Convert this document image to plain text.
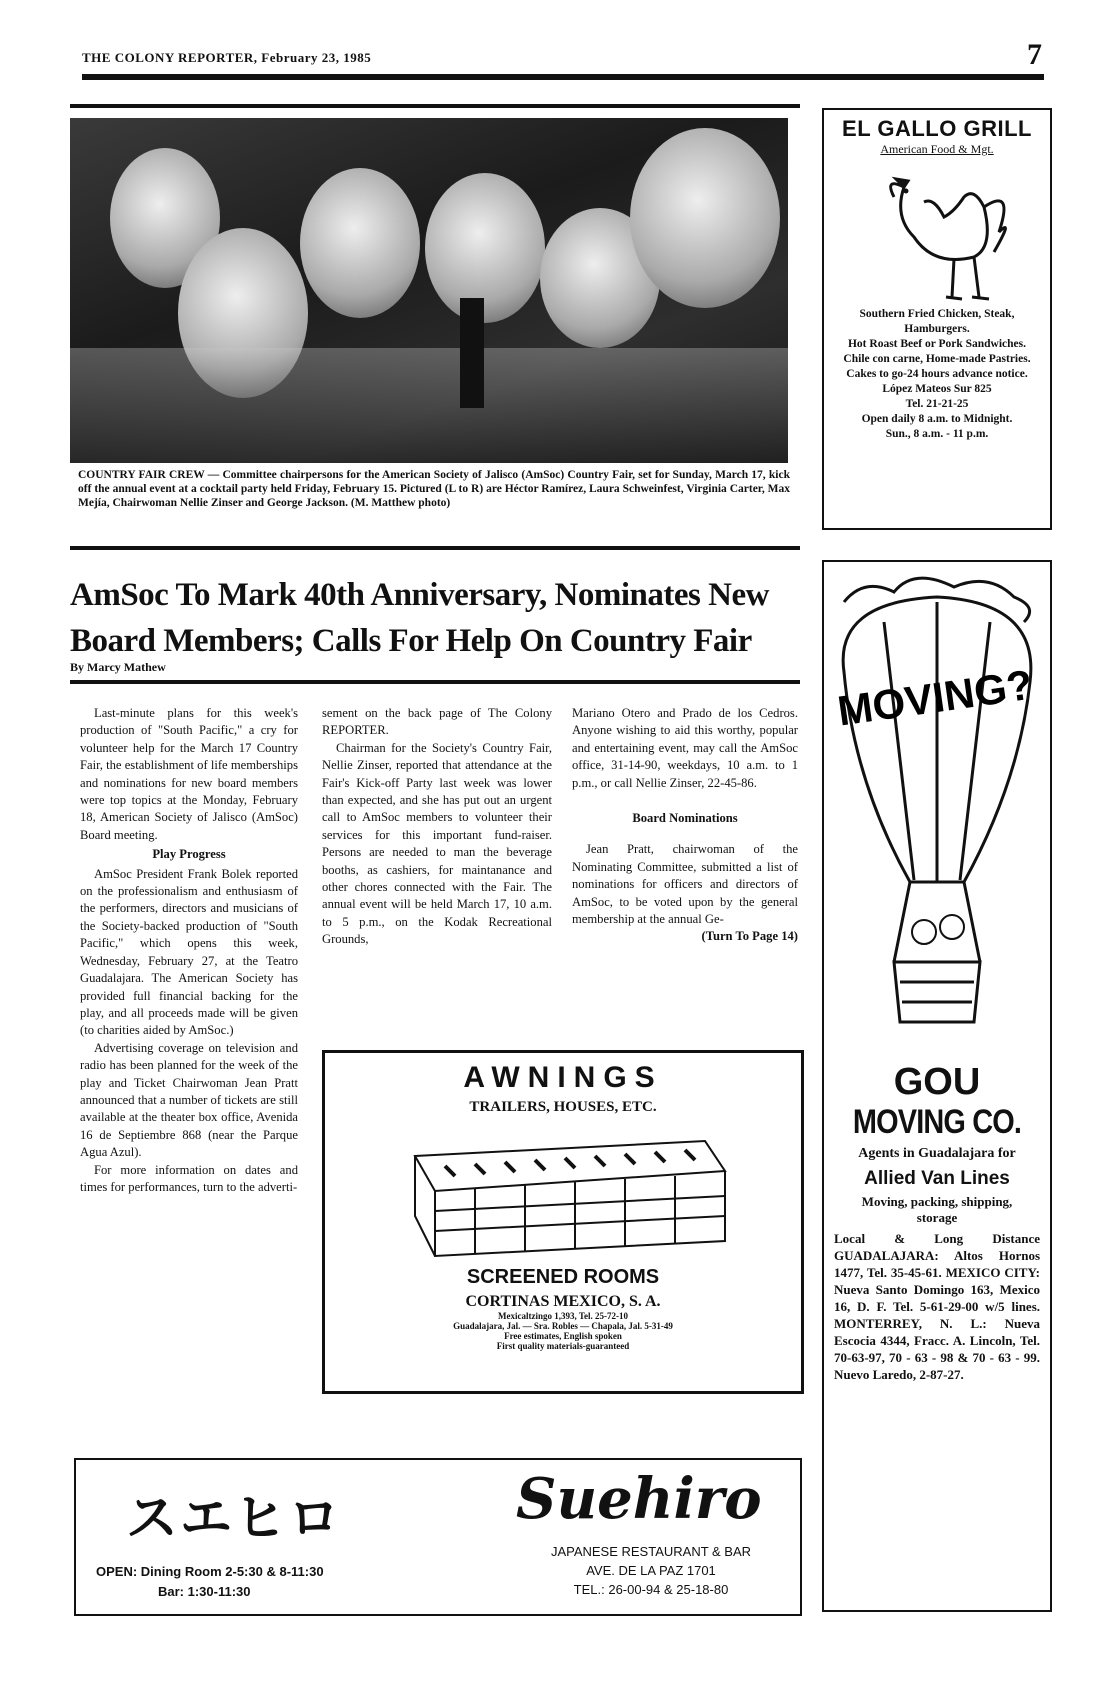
THE COLONY REPORTER, February 23, 1985	7
COUNTRY FAIR CREW — Committee chairpersons for the American Society of Jalisco (AmSoc) Country Fair, set for Sunday, March 17, kick off the annual event at a cocktail party held Friday, February 15. Pictured (L to R) are Héctor Ramírez, Laura Schweinfest, Virginia Carter, Max Mejía, Chairwoman Nellie Zinser and George Jackson. (M. Matthew photo)
AmSoc To Mark 40th Anniversary, Nominates New
Board Members; Calls For Help On Country Fair
By Marcy Mathew

Last-minute plans for this week's production of "South Pacific," a cry for volunteer help for the March 17 Country Fair, the establishment of life memberships and nominations for new board members were top topics at the Monday, February 18, American Society of Jalisco (AmSoc) Board meeting.

Play Progress

AmSoc President Frank Bolek reported on the professionalism and enthusiasm of the performers, directors and musicians of the Society-backed production of "South Pacific," which opens this week, Wednesday, February 27, at the Teatro Guadalajara. The American Society has provided full financial backing for the play, and all proceeds made will be given (to charities aided by AmSoc.)

Advertising coverage on television and radio has been planned for the week of the play and Ticket Chairwoman Jean Pratt announced that a number of tickets are still available at the theater box office, Avenida 16 de Septiembre 868 (near the Parque Agua Azul).

For more information on dates and times for performances, turn to the adverti-

sement on the back page of The Colony REPORTER.

Chairman for the Society's Country Fair, Nellie Zinser, reported that attendance at the Fair's Kick-off Party last week was lower than expected, and she has put out an urgent call to AmSoc members to volunteer their services for this important fund-raiser. Persons are needed to man the beverage booths, as cashiers, for maintanance and other chores connected with the Fair. The annual event will be held March 17, 10 a.m. to 5 p.m., on the Kodak Recreational Grounds,

Mariano Otero and Prado de los Cedros. Anyone wishing to aid this worthy, popular and entertaining event, may call the AmSoc office, 31-14-90, weekdays, 10 a.m. to 1 p.m., or call Nellie Zinser, 22-45-86.

Board Nominations

Jean Pratt, chairwoman of the Nominating Committee, submitted a list of nominations for officers and directors of AmSoc, to be voted upon by the general membership at the annual Ge-

(Turn To Page 14)

EL GALLO GRILL
American Food & Mgt.
Southern Fried Chicken, Steak, Hamburgers.
Hot Roast Beef or Pork Sandwiches.
Chile con carne, Home-made Pastries.
Cakes to go-24 hours advance notice.
López Mateos Sur 825
Tel. 21-21-25
Open daily 8 a.m. to Midnight.
Sun., 8 a.m. - 11 p.m.
MOVING?
GOU
MOVING CO.
Agents in Guadalajara for
Allied Van Lines
Moving, packing, shipping, storage
Local & Long Distance GUADALAJARA: Altos Hornos 1477, Tel. 35-45-61. MEXICO CITY: Nueva Santo Domingo 163, Mexico 16, D. F. Tel. 5-61-29-00 w/5 lines. MONTERREY, N. L.: Nueva Escocia 4344, Fracc. A. Lincoln, Tel. 70-63-97, 70 - 63 - 98 & 70 - 63 - 99. Nuevo Laredo, 2-87-27.
AWNINGS
TRAILERS, HOUSES, ETC.
SCREENED ROOMS
CORTINAS MEXICO, S. A.
Mexicaltzingo 1,393, Tel. 25-72-10
Guadalajara, Jal. — Sra. Robles — Chapala, Jal. 5-31-49
Free estimates, English spoken
First quality materials-guaranteed
スエヒロ
OPEN: Dining Room 2-5:30 & 8-11:30
Bar: 1:30-11:30
Suehiro
JAPANESE RESTAURANT & BAR
AVE. DE LA PAZ 1701
TEL.: 26-00-94 & 25-18-80
